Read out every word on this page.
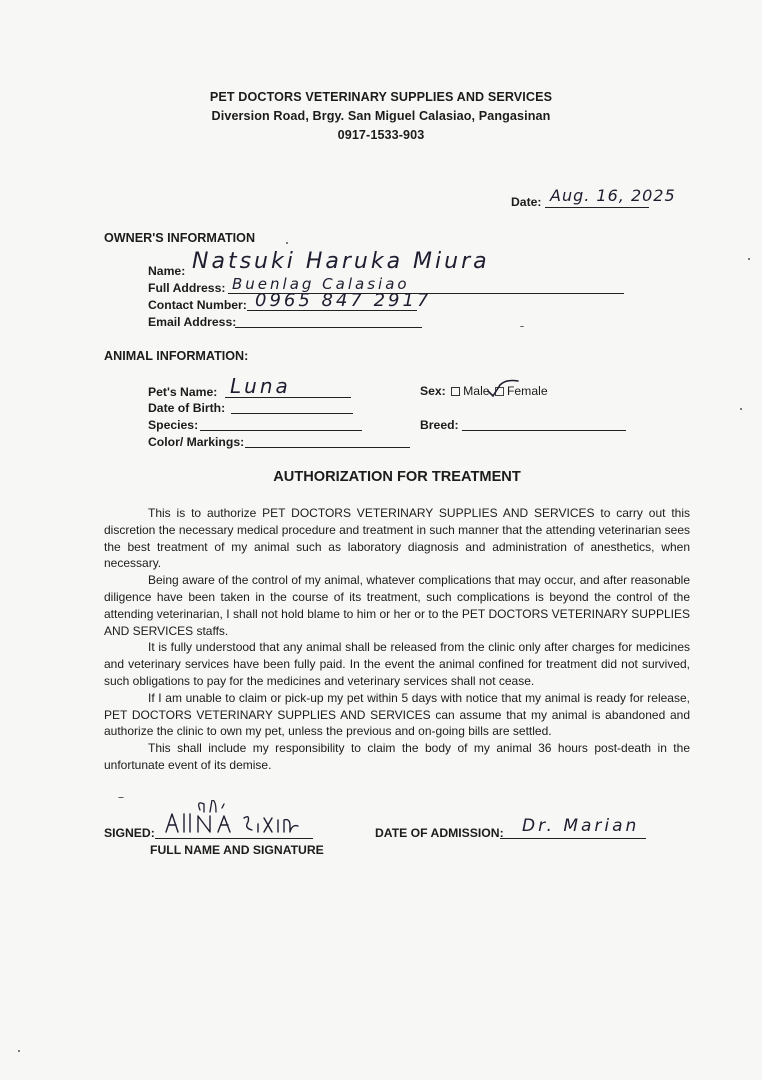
PET DOCTORS VETERINARY SUPPLIES AND SERVICES
Diversion Road, Brgy. San Miguel Calasiao, Pangasinan
0917-1533-903
Date: Aug. 16, 2025
OWNER'S INFORMATION
Name: Natsuki Haruka Miura
Full Address: Buenlag Calasiao
Contact Number: 0965 847 2917
Email Address:
ANIMAL INFORMATION:
Pet's Name: Luna
Date of Birth:
Species:
Color/ Markings:
Sex: Male Female
Breed:
AUTHORIZATION FOR TREATMENT

This is to authorize PET DOCTORS VETERINARY SUPPLIES AND SERVICES to carry out this discretion the necessary medical procedure and treatment in such manner that the attending veterinarian sees the best treatment of my animal such as laboratory diagnosis and administration of anesthetics, when necessary.

Being aware of the control of my animal, whatever complications that may occur, and after reasonable diligence have been taken in the course of its treatment, such complications is beyond the control of the attending veterinarian, I shall not hold blame to him or her or to the PET DOCTORS VETERINARY SUPPLIES AND SERVICES staffs.

It is fully understood that any animal shall be released from the clinic only after charges for medicines and veterinary services have been fully paid. In the event the animal confined for treatment did not survived, such obligations to pay for the medicines and veterinary services shall not cease.

If I am unable to claim or pick-up my pet within 5 days with notice that my animal is ready for release, PET DOCTORS VETERINARY SUPPLIES AND SERVICES can assume that my animal is abandoned and authorize the clinic to own my pet, unless the previous and on-going bills are settled.

This shall include my responsibility to claim the body of my animal 36 hours post-death in the unfortunate event of its demise.

SIGNED:
FULL NAME AND SIGNATURE
DATE OF ADMISSION: Dr. Marian
